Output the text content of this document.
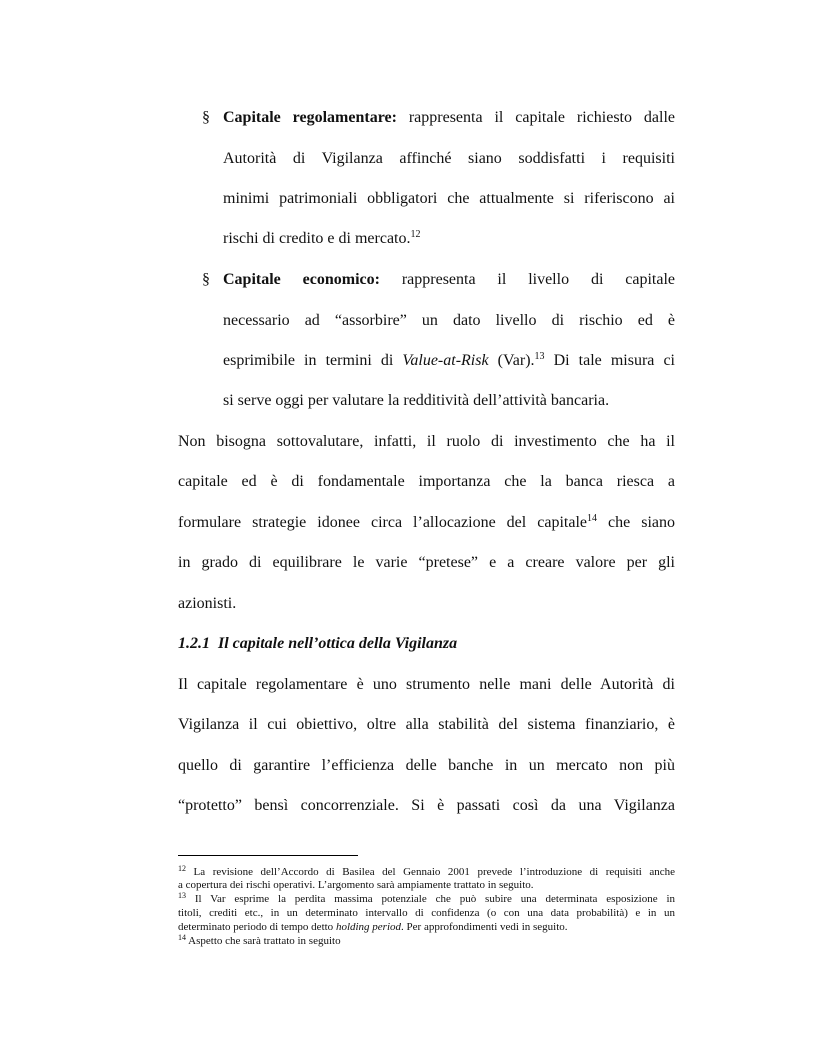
§ Capitale regolamentare: rappresenta il capitale richiesto dalle
Autorità di Vigilanza affinché siano soddisfatti i requisiti
minimi patrimoniali obbligatori che attualmente si riferiscono ai
rischi di credito e di mercato.$^{12}$
§ Capitale economico: rappresenta il livello di capitale
necessario ad “assorbire” un dato livello di rischio ed è
esprimibile in termini di Value-at-Risk (Var).$^{13}$ Di tale misura ci
si serve oggi per valutare la redditività dell’attività bancaria.
Non bisogna sottovalutare, infatti, il ruolo di investimento che ha il
capitale ed è di fondamentale importanza che la banca riesca a
formulare strategie idonee circa l’allocazione del capitale$^{14}$ che siano
in grado di equilibrare le varie “pretese” e a creare valore per gli
azionisti.
1.2.1  Il capitale nell’ottica della Vigilanza
Il capitale regolamentare è uno strumento nelle mani delle Autorità di
Vigilanza il cui obiettivo, oltre alla stabilità del sistema finanziario, è
quello di garantire l’efficienza delle banche in un mercato non più
“protetto” bensì concorrenziale. Si è passati così da una Vigilanza
$^{12}$ La revisione dell’Accordo di Basilea del Gennaio 2001 prevede l’introduzione di requisiti anche
a copertura dei rischi operativi. L’argomento sarà ampiamente trattato in seguito.
$^{13}$ Il Var esprime la perdita massima potenziale che può subire una determinata esposizione in
titoli, crediti etc., in un determinato intervallo di confidenza (o con una data probabilità) e in un
determinato periodo di tempo detto holding period. Per approfondimenti vedi in seguito.
$^{14}$ Aspetto che sarà trattato in seguito
